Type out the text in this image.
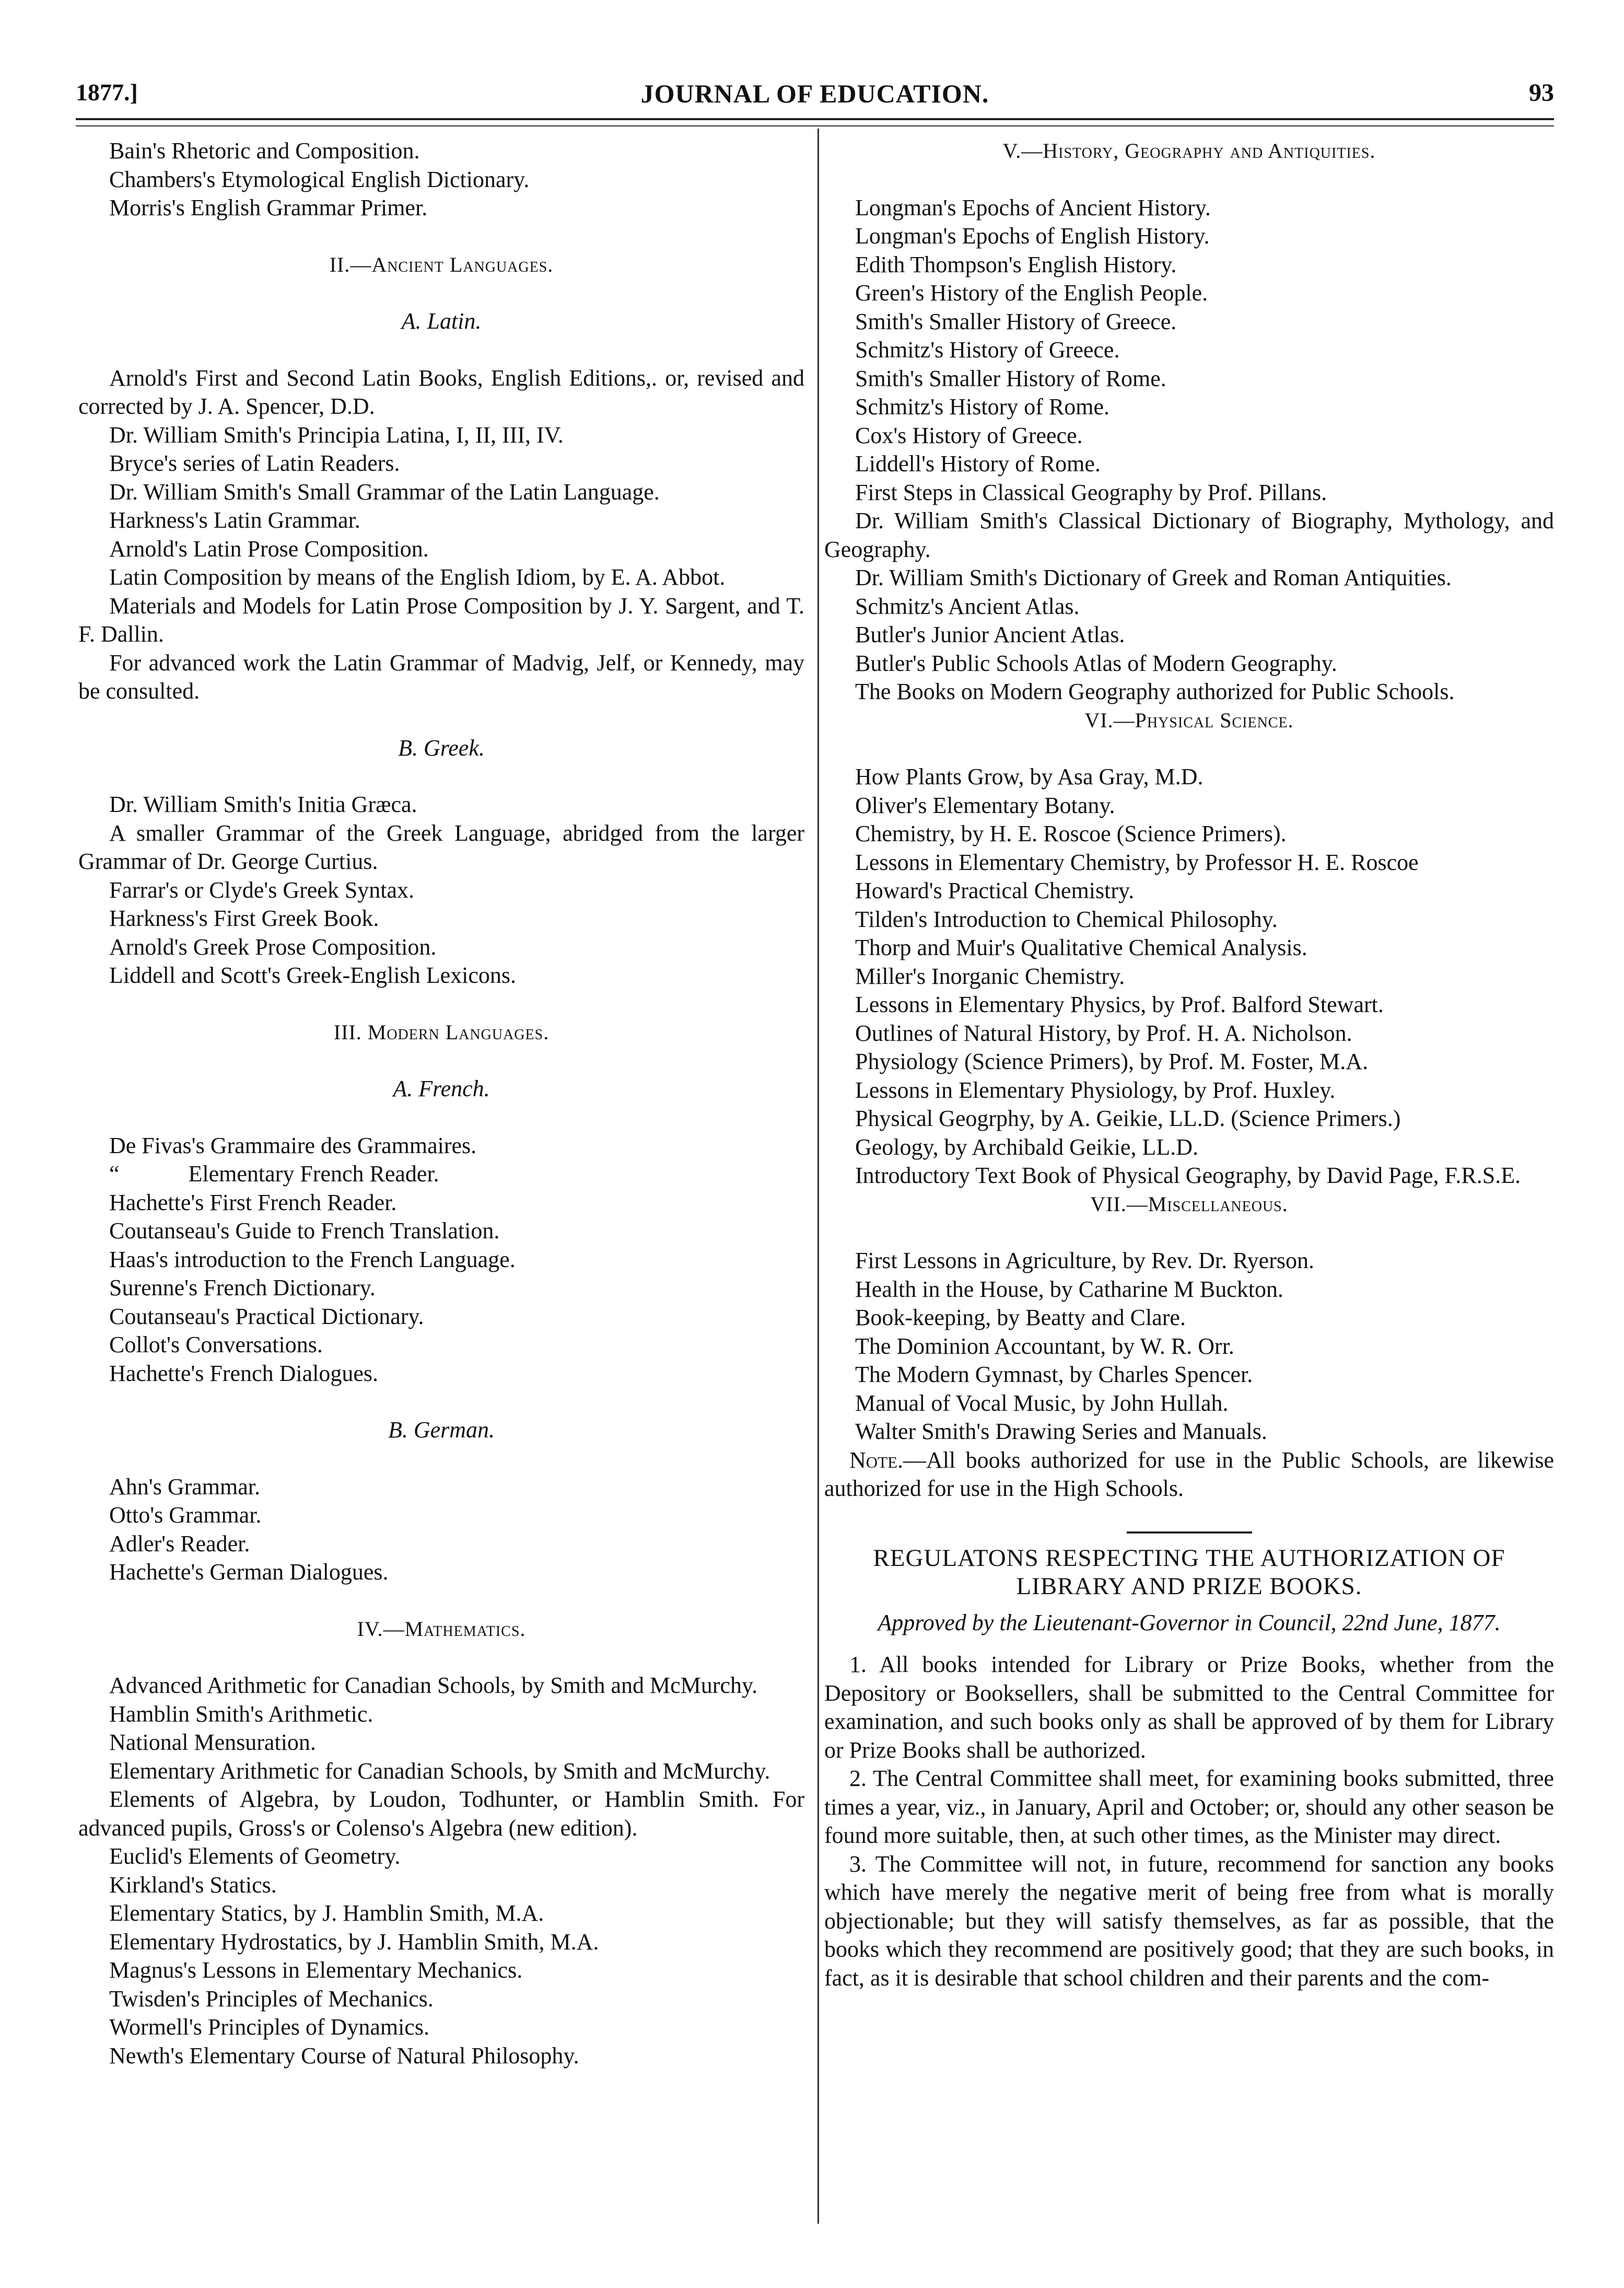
JOURNAL OF EDUCATION.
1877.]	93
Bain's Rhetoric and Composition.
Chambers's Etymological English Dictionary.
Morris's English Grammar Primer.
II.—Ancient Languages.
A. Latin.
Arnold's First and Second Latin Books, English Editions,. or, revised and corrected by J. A. Spencer, D.D.
Dr. William Smith's Principia Latina, I, II, III, IV.
Bryce's series of Latin Readers.
Dr. William Smith's Small Grammar of the Latin Language.
Harkness's Latin Grammar.
Arnold's Latin Prose Composition.
Latin Composition by means of the English Idiom, by E. A. Abbot.
Materials and Models for Latin Prose Composition by J. Y. Sargent, and T. F. Dallin.
For advanced work the Latin Grammar of Madvig, Jelf, or Kennedy, may be consulted.
B. Greek.
Dr. William Smith's Initia Græca.
A smaller Grammar of the Greek Language, abridged from the larger Grammar of Dr. George Curtius.
Farrar's or Clyde's Greek Syntax.
Harkness's First Greek Book.
Arnold's Greek Prose Composition.
Liddell and Scott's Greek-English Lexicons.
III. Modern Languages.
A. French.
De Fivas's Grammaire des Grammaires.
“            Elementary French Reader.
Hachette's First French Reader.
Coutanseau's Guide to French Translation.
Haas's introduction to the French Language.
Surenne's French Dictionary.
Coutanseau's Practical Dictionary.
Collot's Conversations.
Hachette's French Dialogues.
B. German.
Ahn's Grammar.
Otto's Grammar.
Adler's Reader.
Hachette's German Dialogues.
IV.—Mathematics.
Advanced Arithmetic for Canadian Schools, by Smith and McMurchy.
Hamblin Smith's Arithmetic.
National Mensuration.
Elementary Arithmetic for Canadian Schools, by Smith and McMurchy.
Elements of Algebra, by Loudon, Todhunter, or Hamblin Smith. For advanced pupils, Gross's or Colenso's Algebra (new edition).
Euclid's Elements of Geometry.
Kirkland's Statics.
Elementary Statics, by J. Hamblin Smith, M.A.
Elementary Hydrostatics, by J. Hamblin Smith, M.A.
Magnus's Lessons in Elementary Mechanics.
Twisden's Principles of Mechanics.
Wormell's Principles of Dynamics.
Newth's Elementary Course of Natural Philosophy.
V.—History, Geography and Antiquities.
Longman's Epochs of Ancient History.
Longman's Epochs of English History.
Edith Thompson's English History.
Green's History of the English People.
Smith's Smaller History of Greece.
Schmitz's History of Greece.
Smith's Smaller History of Rome.
Schmitz's History of Rome.
Cox's History of Greece.
Liddell's History of Rome.
First Steps in Classical Geography by Prof. Pillans.
Dr. William Smith's Classical Dictionary of Biography, Mythology, and Geography.
Dr. William Smith's Dictionary of Greek and Roman Antiquities.
Schmitz's Ancient Atlas.
Butler's Junior Ancient Atlas.
Butler's Public Schools Atlas of Modern Geography.
The Books on Modern Geography authorized for Public Schools.
VI.—Physical Science.
How Plants Grow, by Asa Gray, M.D.
Oliver's Elementary Botany.
Chemistry, by H. E. Roscoe (Science Primers).
Lessons in Elementary Chemistry, by Professor H. E. Roscoe
Howard's Practical Chemistry.
Tilden's Introduction to Chemical Philosophy.
Thorp and Muir's Qualitative Chemical Analysis.
Miller's Inorganic Chemistry.
Lessons in Elementary Physics, by Prof. Balford Stewart.
Outlines of Natural History, by Prof. H. A. Nicholson.
Physiology (Science Primers), by Prof. M. Foster, M.A.
Lessons in Elementary Physiology, by Prof. Huxley.
Physical Geogrphy, by A. Geikie, LL.D. (Science Primers.)
Geology, by Archibald Geikie, LL.D.
Introductory Text Book of Physical Geography, by David Page, F.R.S.E.
VII.—Miscellaneous.
First Lessons in Agriculture, by Rev. Dr. Ryerson.
Health in the House, by Catharine M Buckton.
Book-keeping, by Beatty and Clare.
The Dominion Accountant, by W. R. Orr.
The Modern Gymnast, by Charles Spencer.
Manual of Vocal Music, by John Hullah.
Walter Smith's Drawing Series and Manuals.
Note.—All books authorized for use in the Public Schools, are likewise authorized for use in the High Schools.
REGULATONS RESPECTING THE AUTHORIZATION OF LIBRARY AND PRIZE BOOKS.
Approved by the Lieutenant-Governor in Council, 22nd June, 1877.
1. All books intended for Library or Prize Books, whether from the Depository or Booksellers, shall be submitted to the Central Committee for examination, and such books only as shall be approved of by them for Library or Prize Books shall be authorized.
2. The Central Committee shall meet, for examining books submitted, three times a year, viz., in January, April and October; or, should any other season be found more suitable, then, at such other times, as the Minister may direct.
3. The Committee will not, in future, recommend for sanction any books which have merely the negative merit of being free from what is morally objectionable; but they will satisfy themselves, as far as possible, that the books which they recommend are positively good; that they are such books, in fact, as it is desirable that school children and their parents and the com-
